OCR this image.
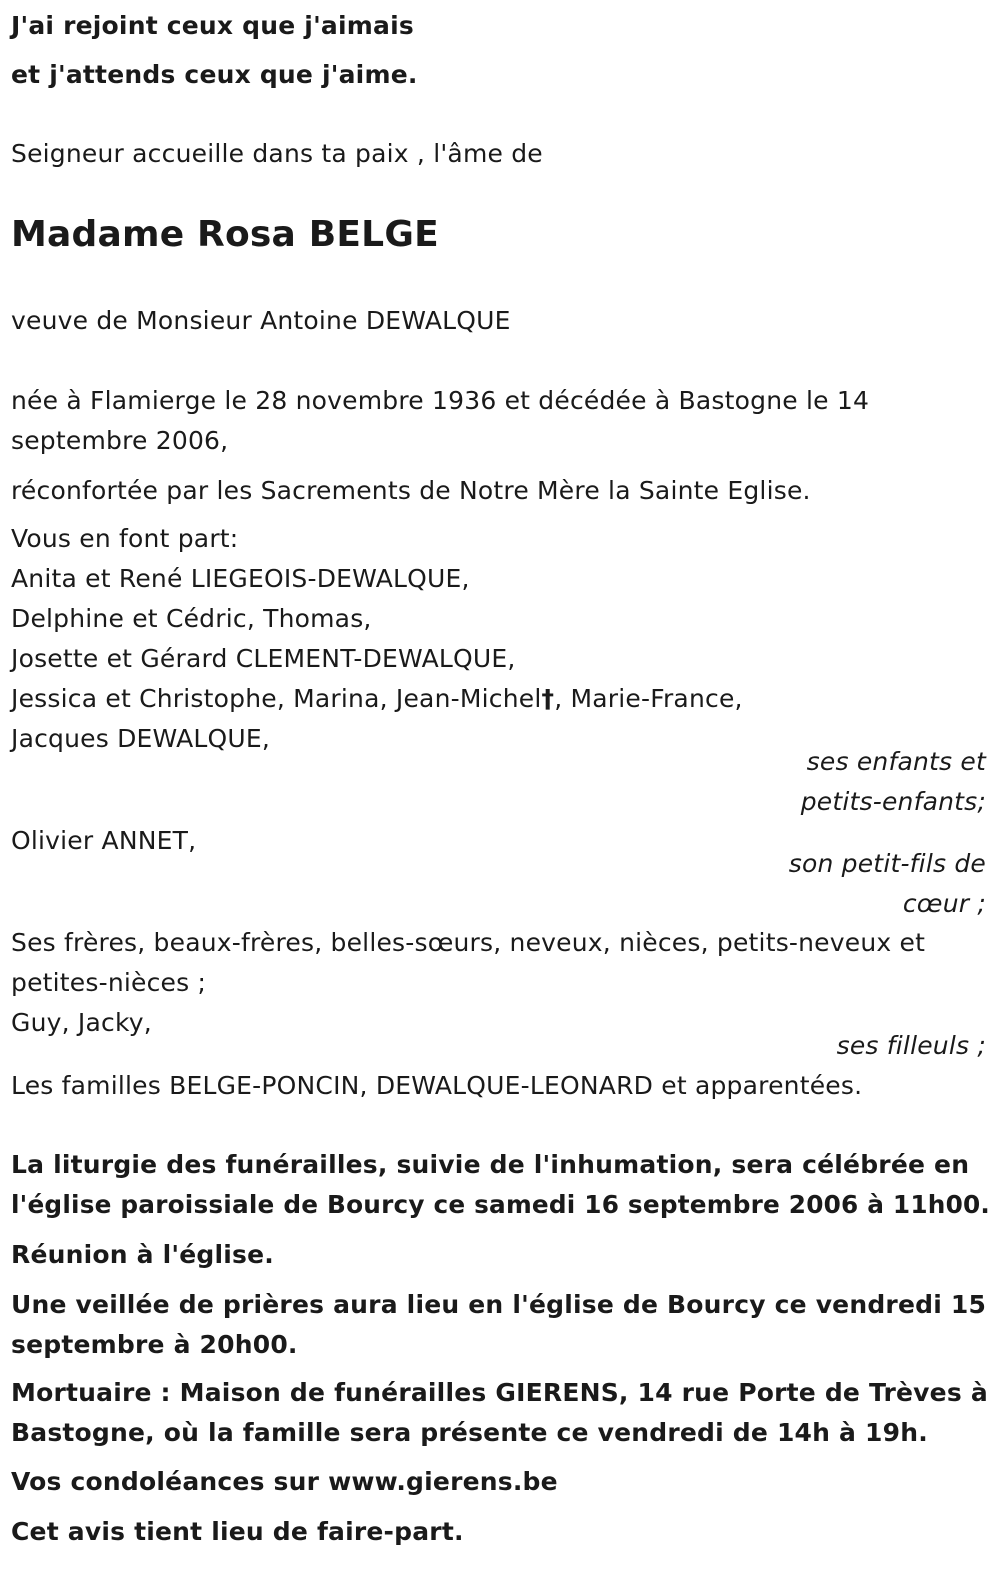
J'ai rejoint ceux que j'aimais
et j'attends ceux que j'aime.
Seigneur accueille dans ta paix , l'âme de
Madame Rosa BELGE
veuve de Monsieur Antoine DEWALQUE
née à Flamierge le 28 novembre 1936 et décédée à Bastogne le 14
septembre 2006,
réconfortée par les Sacrements de Notre Mère la Sainte Eglise.
Vous en font part:
Anita et René LIEGEOIS-DEWALQUE,
Delphine et Cédric, Thomas,
Josette et Gérard CLEMENT-DEWALQUE,
Jessica et Christophe, Marina, Jean-Michel†, Marie-France,
Jacques DEWALQUE,
ses enfants et
petits-enfants;
Olivier ANNET,
son petit-fils de
cœur ;
Ses frères, beaux-frères, belles-sœurs, neveux, nièces, petits-neveux et
petites-nièces ;
Guy, Jacky,
ses filleuls ;
Les familles BELGE-PONCIN, DEWALQUE-LEONARD et apparentées.
La liturgie des funérailles, suivie de l'inhumation, sera célébrée en
l'église paroissiale de Bourcy ce samedi 16 septembre 2006 à 11h00.
Réunion à l'église.
Une veillée de prières aura lieu en l'église de Bourcy ce vendredi 15
septembre à 20h00.
Mortuaire : Maison de funérailles GIERENS, 14 rue Porte de Trèves à
Bastogne, où la famille sera présente ce vendredi de 14h à 19h.
Vos condoléances sur www.gierens.be
Cet avis tient lieu de faire-part.
